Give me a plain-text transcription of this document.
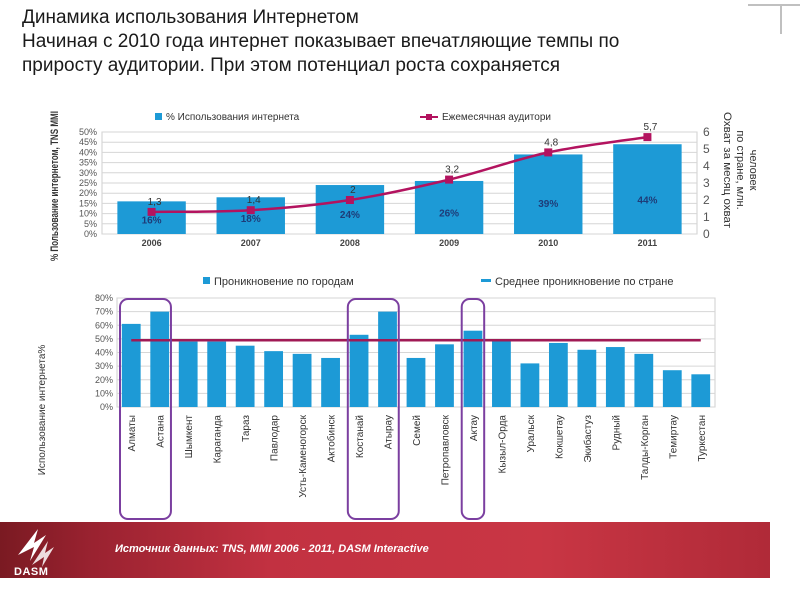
Динамика использования Интернетом
Начиная с 2010 года интернет показывает впечатляющие темпы по
приросту аудитории. При этом потенциал роста сохраняется
0%
5%
10%
15%
20%
25%
30%
35%
40%
45%
50%
0
1
2
3
4
5
6
16%
2006
18%
2007
24%
2008
26%
2009
39%
2010
44%
2011
1,3	1,4
2
3,2
4,8
5,7
% Использования интернета	Ежемесячная аудитори
% Пользование интернетом, TNS MMI	Охват за месяц охват по стране, млн. человек
0%
10%
20%
30%
40%
50%
60%
70%
80%
Алматы Астана Шымкент Караганда Тараз Павлодар Усть-Каменогорск Актобинск Костанай Атырау Семей Петропавловск Актау Кызыл-Орда Уральск Кокшетау Экибастуз Рудный Талды-Корган Темиртау Туркестан
Проникновение по городам	Среднее проникновение по стране
Использование интернета%
DASM
Источник данных: TNS, MMI 2006 - 2011, DASM Interactive
